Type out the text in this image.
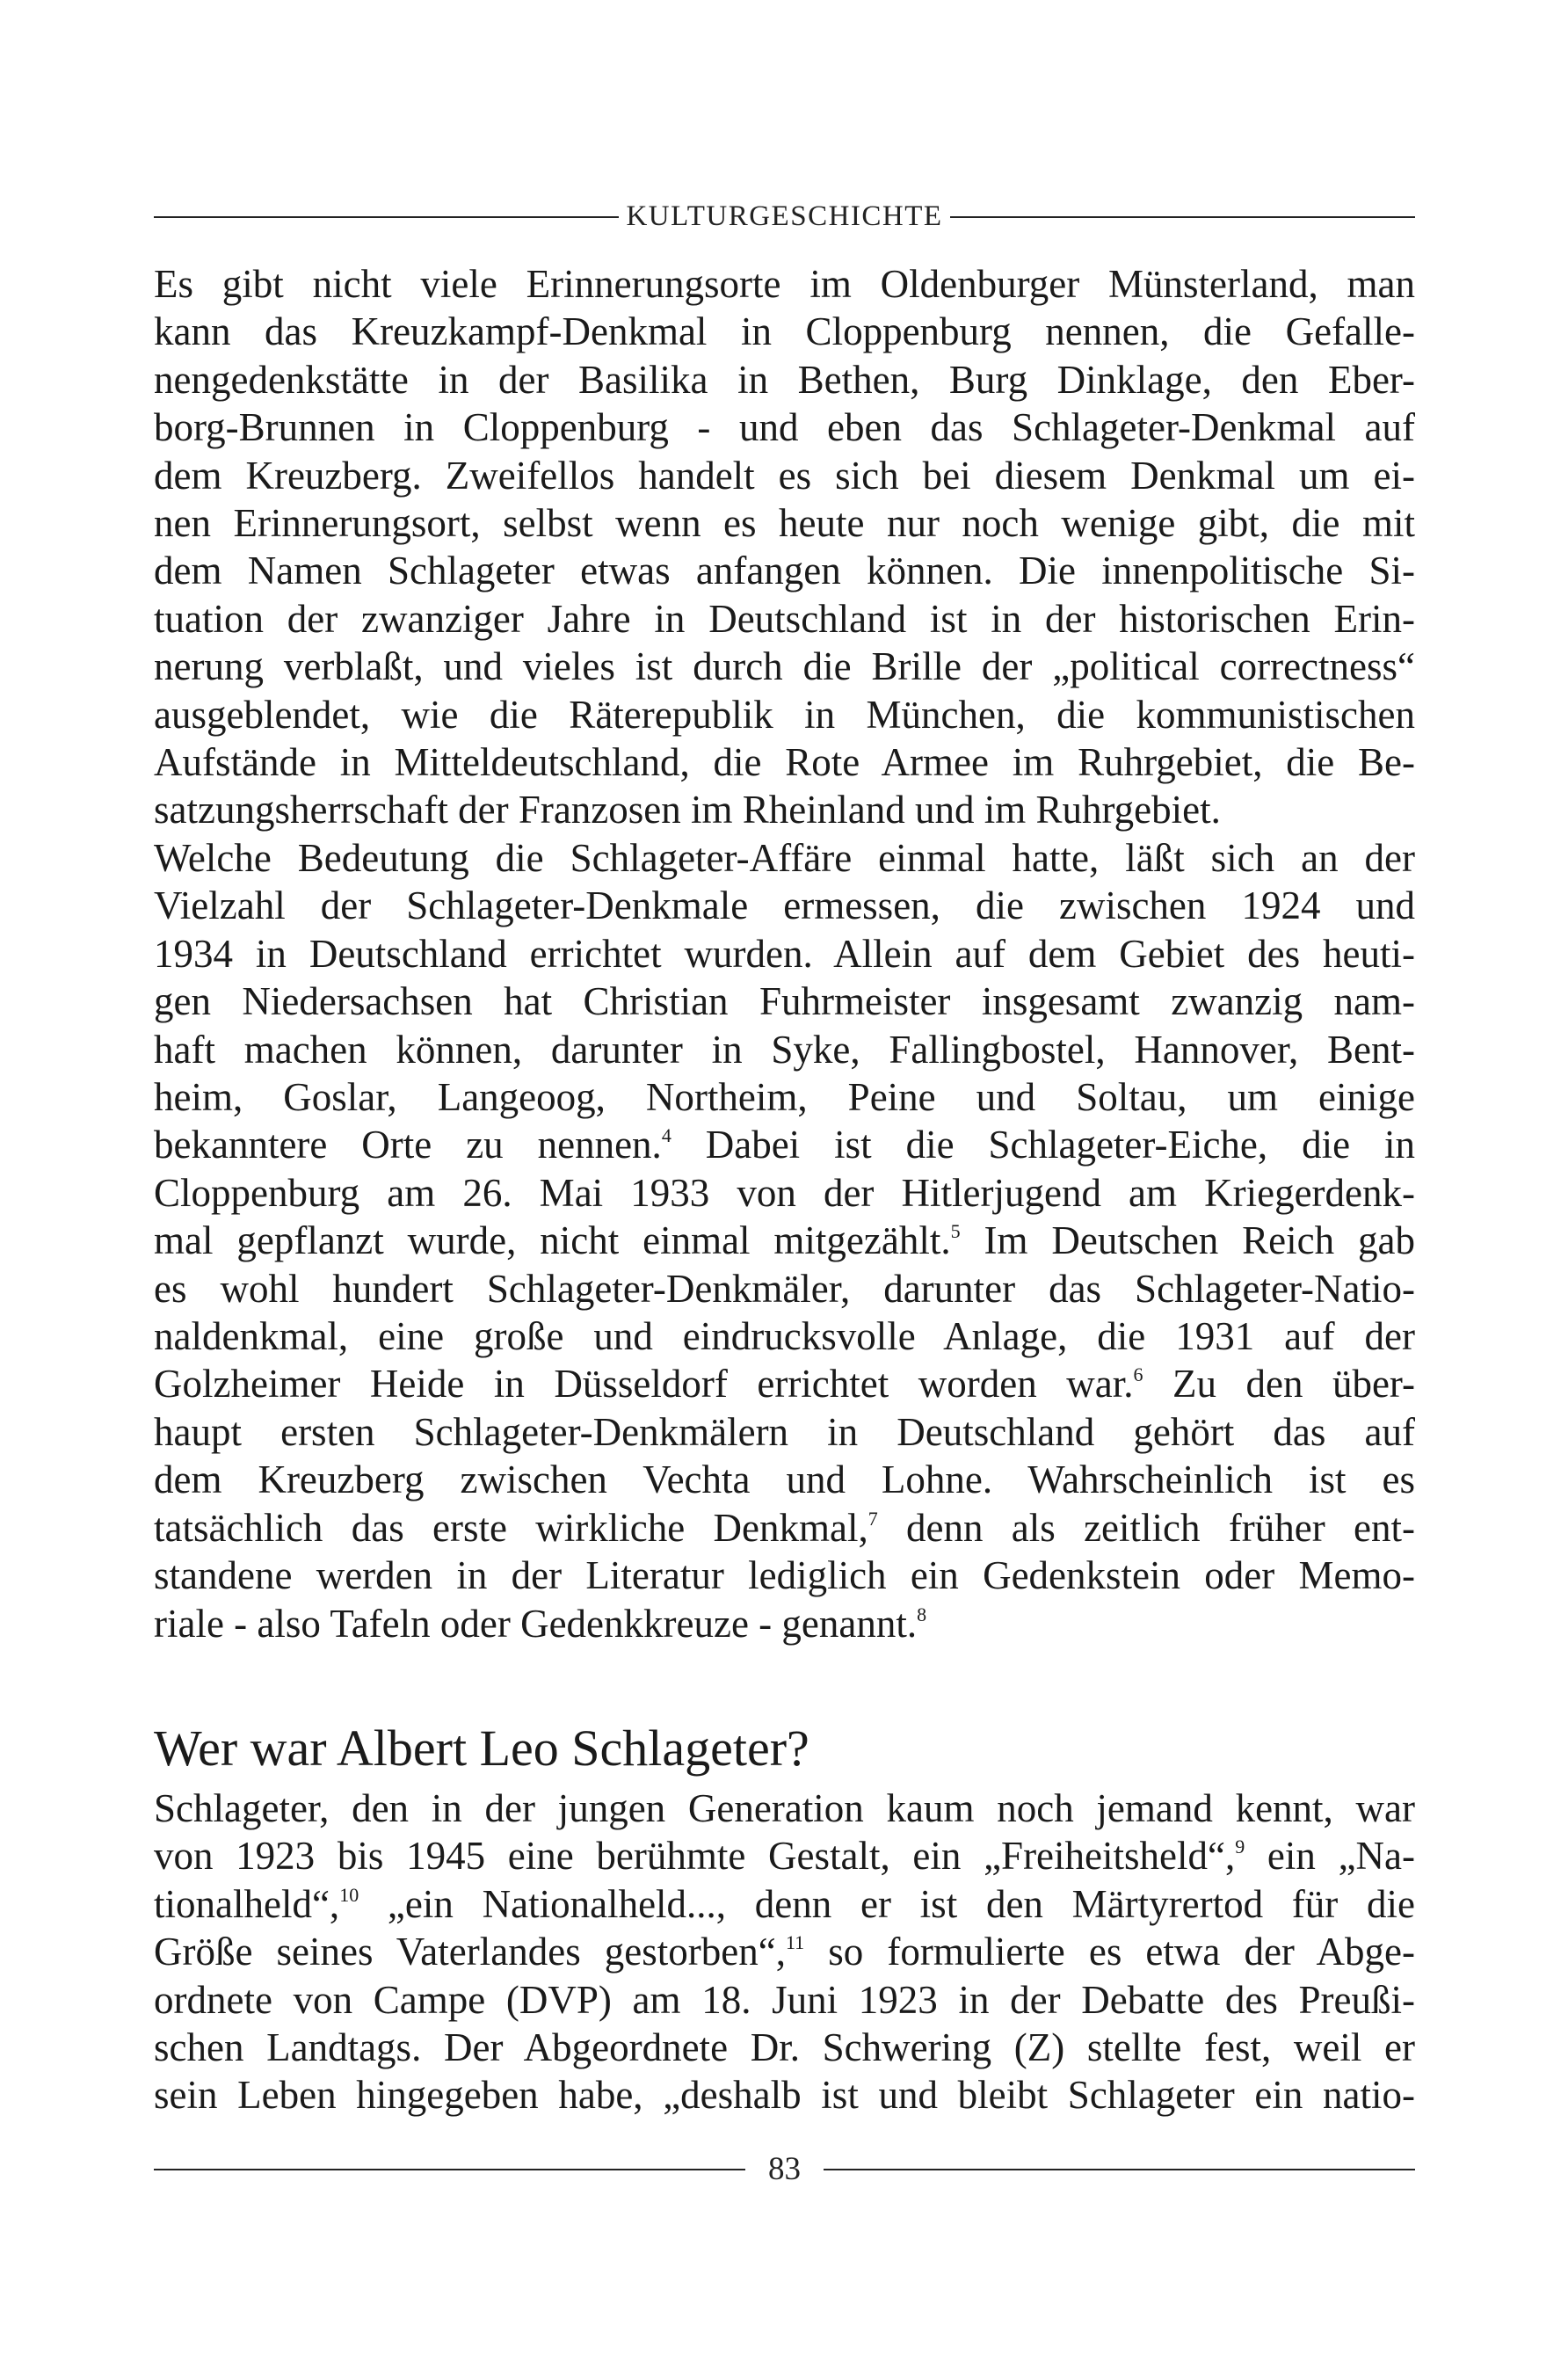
KULTURGESCHICHTE
Es gibt nicht viele Erinnerungsorte im Oldenburger Münsterland, man
kann das Kreuzkampf-Denkmal in Cloppenburg nennen, die Gefalle-
nengedenkstätte in der Basilika in Bethen, Burg Dinklage, den Eber-
borg-Brunnen in Cloppenburg - und eben das Schlageter-Denkmal auf
dem Kreuzberg. Zweifellos handelt es sich bei diesem Denkmal um ei-
nen Erinnerungsort, selbst wenn es heute nur noch wenige gibt, die mit
dem Namen Schlageter etwas anfangen können. Die innenpolitische Si-
tuation der zwanziger Jahre in Deutschland ist in der historischen Erin-
nerung verblaßt, und vieles ist durch die Brille der „political correctness“
ausgeblendet, wie die Räterepublik in München, die kommunistischen
Aufstände in Mitteldeutschland, die Rote Armee im Ruhrgebiet, die Be-
satzungsherrschaft der Franzosen im Rheinland und im Ruhrgebiet.
Welche Bedeutung die Schlageter-Affäre einmal hatte, läßt sich an der
Vielzahl der Schlageter-Denkmale ermessen, die zwischen 1924 und
1934 in Deutschland errichtet wurden. Allein auf dem Gebiet des heuti-
gen Niedersachsen hat Christian Fuhrmeister insgesamt zwanzig nam-
haft machen können, darunter in Syke, Fallingbostel, Hannover, Bent-
heim, Goslar, Langeoog, Northeim, Peine und Soltau, um einige
bekanntere Orte zu nennen.$^4$ Dabei ist die Schlageter-Eiche, die in
Cloppenburg am 26. Mai 1933 von der Hitlerjugend am Kriegerdenk-
mal gepflanzt wurde, nicht einmal mitgezählt.$^5$ Im Deutschen Reich gab
es wohl hundert Schlageter-Denkmäler, darunter das Schlageter-Natio-
naldenkmal, eine große und eindrucksvolle Anlage, die 1931 auf der
Golzheimer Heide in Düsseldorf errichtet worden war.$^6$ Zu den über-
haupt ersten Schlageter-Denkmälern in Deutschland gehört das auf
dem Kreuzberg zwischen Vechta und Lohne. Wahrscheinlich ist es
tatsächlich das erste wirkliche Denkmal,$^7$ denn als zeitlich früher ent-
standene werden in der Literatur lediglich ein Gedenkstein oder Memo-
riale - also Tafeln oder Gedenkkreuze - genannt.$^8$
Wer war Albert Leo Schlageter?
Schlageter, den in der jungen Generation kaum noch jemand kennt, war
von 1923 bis 1945 eine berühmte Gestalt, ein „Freiheitsheld“,$^9$ ein „Na-
tionalheld“,$^{10}$ „ein Nationalheld..., denn er ist den Märtyrertod für die
Größe seines Vaterlandes gestorben“,$^{11}$ so formulierte es etwa der Abge-
ordnete von Campe (DVP) am 18. Juni 1923 in der Debatte des Preußi-
schen Landtags. Der Abgeordnete Dr. Schwering (Z) stellte fest, weil er
sein Leben hingegeben habe, „deshalb ist und bleibt Schlageter ein natio-
83
